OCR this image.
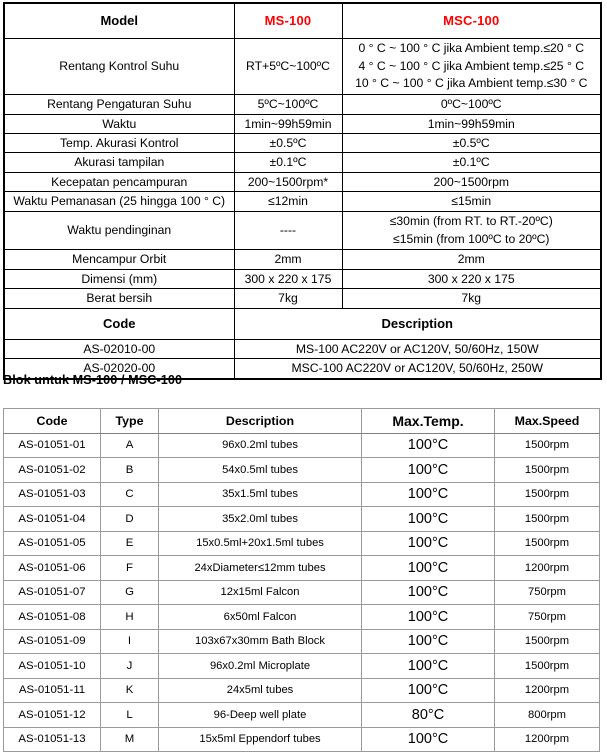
Model	MS-100	MSC-100
Rentang Kontrol Suhu	RT+5ºC~100ºC	0 ° C ~ 100 ° C jika Ambient temp.≤20 ° C
4 ° C ~ 100 ° C jika Ambient temp.≤25 ° C
10 ° C ~ 100 ° C jika Ambient temp.≤30 ° C
Rentang Pengaturan Suhu	5ºC~100ºC	0ºC~100ºC
Waktu	1min~99h59min	1min~99h59min
Temp. Akurasi Kontrol	±0.5ºC	±0.5ºC
Akurasi tampilan	±0.1ºC	±0.1ºC
Kecepatan pencampuran	200~1500rpm*	200~1500rpm
Waktu Pemanasan (25 hingga 100 ° C)	≤12min	≤15min
Waktu pendinginan	----	≤30min (from RT. to RT.-20ºC)
≤15min (from 100ºC to 20ºC)
Mencampur Orbit	2mm	2mm
Dimensi (mm)	300 x 220 x 175	300 x 220 x 175
Berat bersih	7kg	7kg
Code	Description	
AS-02010-00	MS-100 AC220V or AC120V, 50/60Hz, 150W	
AS-02020-00	MSC-100 AC220V or AC120V, 50/60Hz, 250W	
Blok untuk MS-100 / MSC-100
Code	Type	Description	Max.Temp.	Max.Speed
AS-01051-01	A	96x0.2ml tubes	100°C	1500rpm
AS-01051-02	B	54x0.5ml tubes	100°C	1500rpm
AS-01051-03	C	35x1.5ml tubes	100°C	1500rpm
AS-01051-04	D	35x2.0ml tubes	100°C	1500rpm
AS-01051-05	E	15x0.5ml+20x1.5ml tubes	100°C	1500rpm
AS-01051-06	F	24xDiameter≤12mm tubes	100°C	1200rpm
AS-01051-07	G	12x15ml Falcon	100°C	750rpm
AS-01051-08	H	6x50ml Falcon	100°C	750rpm
AS-01051-09	I	103x67x30mm Bath Block	100°C	1500rpm
AS-01051-10	J	96x0.2ml Microplate	100°C	1500rpm
AS-01051-11	K	24x5ml tubes	100°C	1200rpm
AS-01051-12	L	96-Deep well plate	80°C	800rpm
AS-01051-13	M	15x5ml Eppendorf tubes	100°C	1200rpm
